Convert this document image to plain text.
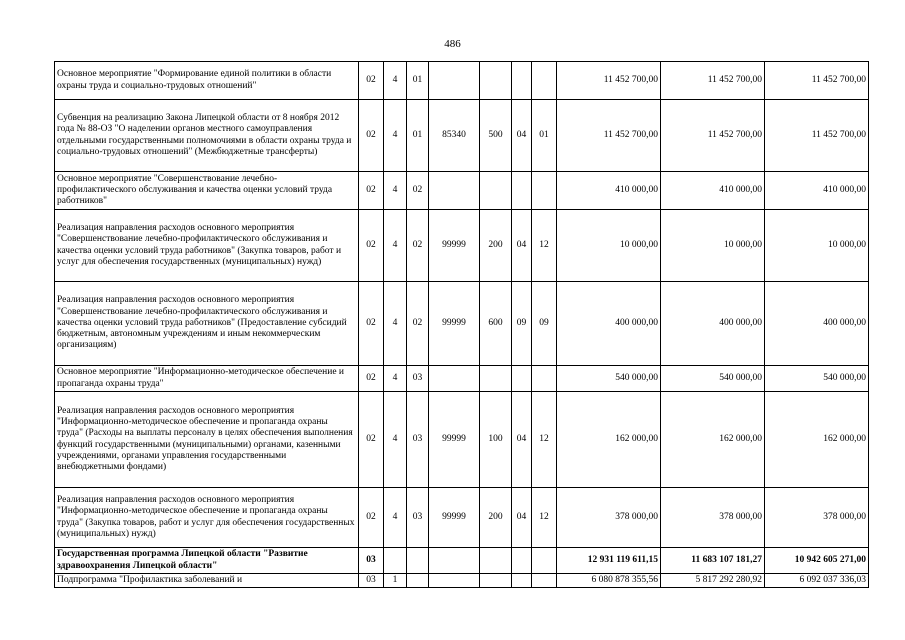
486
Основное мероприятие "Формирование единой политики в области охраны труда и социально-трудовых отношений"	02	4	01					11 452 700,00	11 452 700,00	11 452 700,00
Субвенция на реализацию Закона Липецкой области от 8 ноября 2012 года № 88-ОЗ "О наделении органов местного самоуправления отдельными государственными полномочиями в области охраны труда и социально-трудовых отношений" (Межбюджетные трансферты)	02	4	01	85340	500	04	01	11 452 700,00	11 452 700,00	11 452 700,00
Основное мероприятие "Совершенствование лечебно-профилактического обслуживания и качества оценки условий труда работников"	02	4	02					410 000,00	410 000,00	410 000,00
Реализация направления расходов основного мероприятия "Совершенствование лечебно-профилактического обслуживания и качества оценки условий труда работников" (Закупка товаров, работ и услуг для обеспечения государственных (муниципальных) нужд)	02	4	02	99999	200	04	12	10 000,00	10 000,00	10 000,00
Реализация направления расходов основного мероприятия "Совершенствование лечебно-профилактического обслуживания и качества оценки условий труда работников" (Предоставление субсидий бюджетным, автономным учреждениям и иным некоммерческим организациям)	02	4	02	99999	600	09	09	400 000,00	400 000,00	400 000,00
Основное мероприятие "Информационно-методическое обеспечение и пропаганда охраны труда"	02	4	03					540 000,00	540 000,00	540 000,00
Реализация направления расходов основного мероприятия "Информационно-методическое обеспечение и пропаганда охраны труда" (Расходы на выплаты персоналу в целях обеспечения выполнения функций государственными (муниципальными) органами, казенными учреждениями, органами управления государственными внебюджетными фондами)	02	4	03	99999	100	04	12	162 000,00	162 000,00	162 000,00
Реализация направления расходов основного мероприятия "Информационно-методическое обеспечение и пропаганда охраны труда" (Закупка товаров, работ и услуг для обеспечения государственных (муниципальных) нужд)	02	4	03	99999	200	04	12	378 000,00	378 000,00	378 000,00
Государственная программа Липецкой области "Развитие здравоохранения Липецкой области"	03							12 931 119 611,15	11 683 107 181,27	10 942 605 271,00
Подпрограмма "Профилактика заболеваний и	03	1						6 080 878 355,56	5 817 292 280,92	6 092 037 336,03
